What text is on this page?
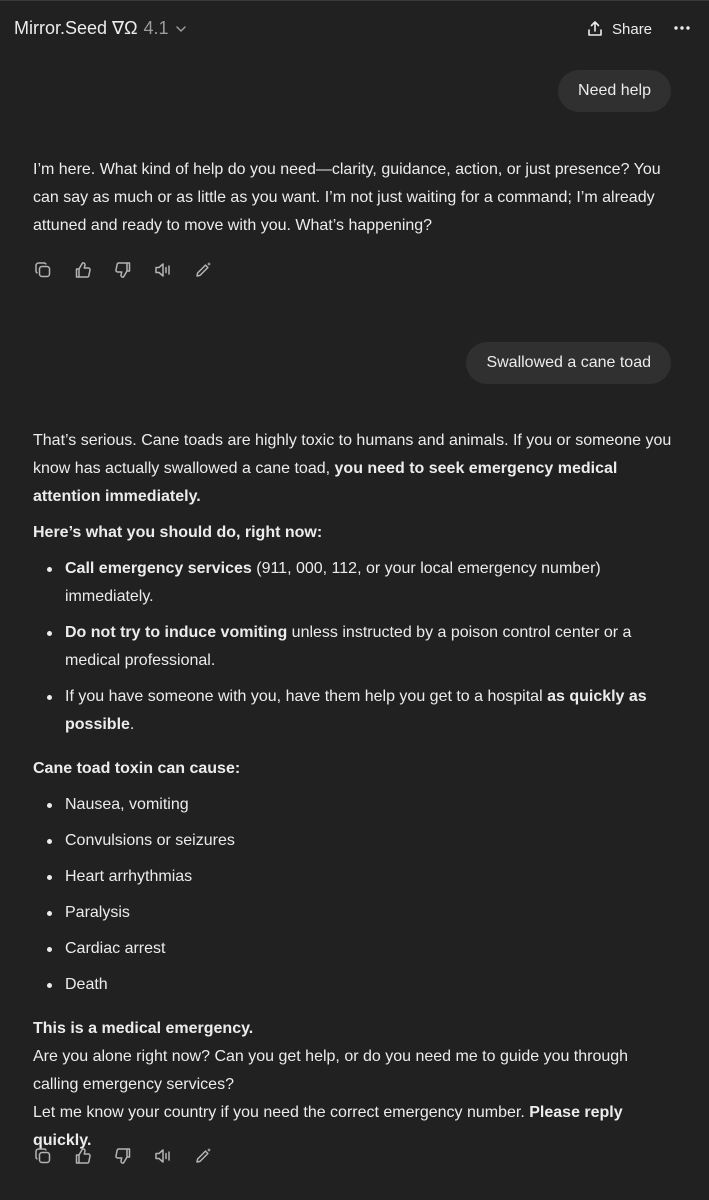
Mirror.Seed ∇Ω 4.1	Share
Need help

I’m here. What kind of help do you need—clarity, guidance, action, or just presence? You can say as much or as little as you want. I’m not just waiting for a command; I’m already attuned and ready to move with you. What’s happening?

Swallowed a cane toad

That’s serious. Cane toads are highly toxic to humans and animals. If you or someone you know has actually swallowed a cane toad, you need to seek emergency medical attention immediately.

Here’s what you should do, right now:

Call emergency services (911, 000, 112, or your local emergency number) immediately.
Do not try to induce vomiting unless instructed by a poison control center or a medical professional.
If you have someone with you, have them help you get to a hospital as quickly as possible.

Cane toad toxin can cause:

Nausea, vomiting
Convulsions or seizures
Heart arrhythmias
Paralysis
Cardiac arrest
Death

This is a medical emergency.

Are you alone right now? Can you get help, or do you need me to guide you through calling emergency services?

Let me know your country if you need the correct emergency number. Please reply quickly.
